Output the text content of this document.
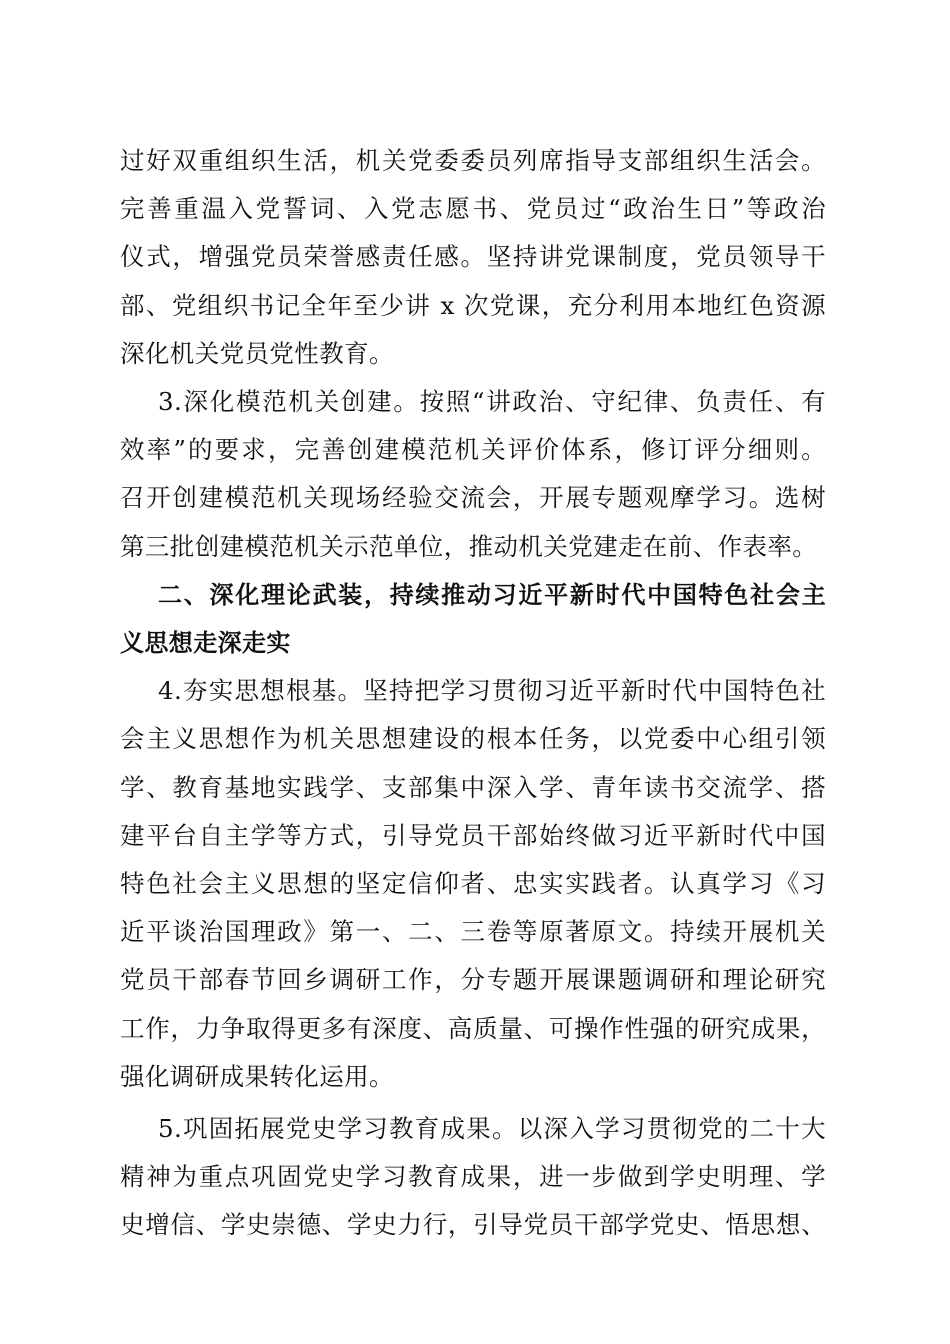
过好双重组织生活，机关党委委员列席指导支部组织生活会。
完善重温入党誓词、入党志愿书、党员过“政治生日”等政治
仪式，增强党员荣誉感责任感。坚持讲党课制度，党员领导干
部、党组织书记全年至少讲 x 次党课，充分利用本地红色资源
深化机关党员党性教育。
3.深化模范机关创建。按照“讲政治、守纪律、负责任、有
效率”的要求，完善创建模范机关评价体系，修订评分细则。
召开创建模范机关现场经验交流会，开展专题观摩学习。选树
第三批创建模范机关示范单位，推动机关党建走在前、作表率。
二、深化理论武装，持续推动习近平新时代中国特色社会主
义思想走深走实
4.夯实思想根基。坚持把学习贯彻习近平新时代中国特色社
会主义思想作为机关思想建设的根本任务，以党委中心组引领
学、教育基地实践学、支部集中深入学、青年读书交流学、搭
建平台自主学等方式，引导党员干部始终做习近平新时代中国
特色社会主义思想的坚定信仰者、忠实实践者。认真学习《习
近平谈治国理政》第一、二、三卷等原著原文。持续开展机关
党员干部春节回乡调研工作，分专题开展课题调研和理论研究
工作，力争取得更多有深度、高质量、可操作性强的研究成果，
强化调研成果转化运用。
5.巩固拓展党史学习教育成果。以深入学习贯彻党的二十大
精神为重点巩固党史学习教育成果，进一步做到学史明理、学
史增信、学史崇德、学史力行，引导党员干部学党史、悟思想、
